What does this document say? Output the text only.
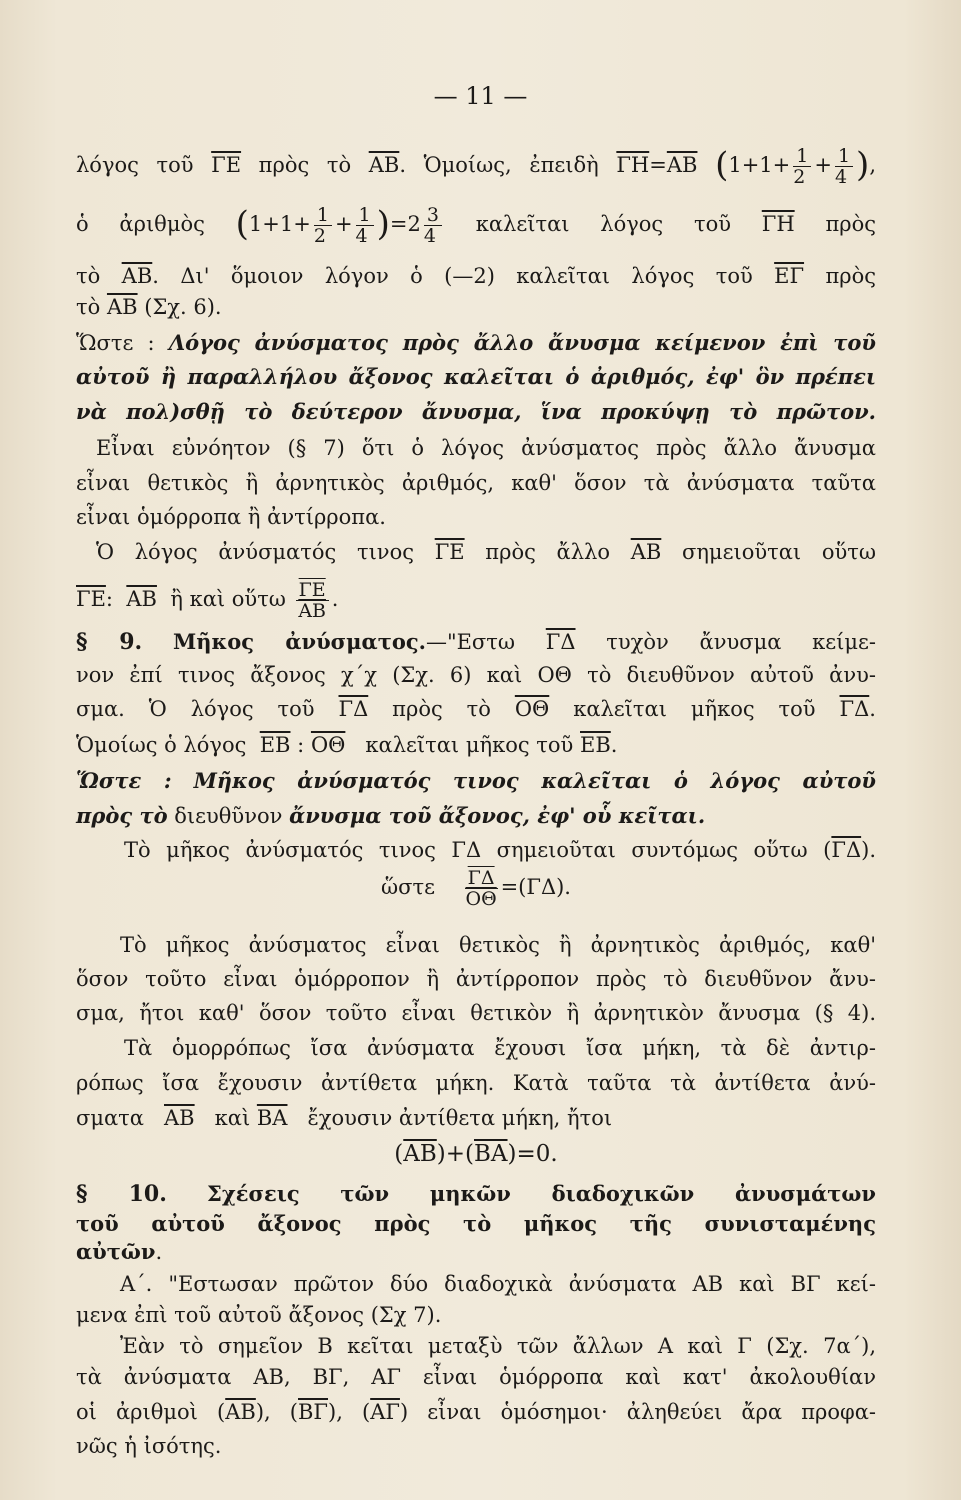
— 11 —
λόγος τοῦ $\overline{\Gamma E}$ πρὸς τὸ $\overline{AB}$. Ὁμοίως, ἐπειδὴ $\overline{\Gamma H}=\overline{AB}$ ($1+1+ \frac{1}{2} + \frac{1}{4}$ ),
ὁ ἀριθμὸς $(1+1+ \frac{1}{2} + \frac{1}{4} )=2 \frac{3}{4}$ καλεῖται λόγος τοῦ $\overline{\Gamma H}$ πρὸς
τὸ $\overline{AB}$. Δι' ὅμοιον λόγον ὁ (—2) καλεῖται λόγος τοῦ $\overline{E\Gamma}$ πρὸς
τὸ $\overline{AB}$ (Σχ. 6).
Ὥστε : Λόγος ἀνύσματος πρὸς ἄλλο ἄνυσμα κείμενον ἐπὶ τοῦ
αὐτοῦ ἢ παραλλήλου ἄξονος καλεῖται ὁ ἀριθμός, ἐφ' ὃν πρέπει
νὰ πολ)σθῇ τὸ δεύτερον ἄνυσμα, ἵνα προκύψῃ τὸ πρῶτον.
Εἶναι εὐνόητον (§ 7) ὅτι ὁ λόγος ἀνύσματος πρὸς ἄλλο ἄνυσμα
εἶναι θετικὸς ἢ ἀρνητικὸς ἀριθμός, καθ' ὅσον τὰ ἀνύσματα ταῦτα
εἶναι ὁμόρροπα ἢ ἀντίρροπα.
Ὁ λόγος ἀνύσματός τινος $\overline{\Gamma E}$ πρὸς ἄλλο $\overline{AB}$ σημειοῦται οὕτω
$\overline{\Gamma E}$: $\overline{AB}$ ἢ καὶ οὕτω $\frac{\overline{\Gamma E}}{AB}$ .
§ 9. Μῆκος ἀνύσματος.—"Εστω $\overline{\Gamma\Delta}$ τυχὸν ἄνυσμα κείμε-
νον ἐπί τινος ἄξονος χ΄χ (Σχ. 6) καὶ ΟΘ τὸ διευθῦνον αὐτοῦ ἀνυ-
σμα. Ὁ λόγος τοῦ $\overline{\Gamma\Delta}$ πρὸς τὸ $\overline{O\Theta}$ καλεῖται μῆκος τοῦ $\overline{\Gamma\Delta}$.
Ὁμοίως ὁ λόγος $\overline{EB}$ : $\overline{O\Theta}$ καλεῖται μῆκος τοῦ $\overline{EB}$.
Ὥστε : Μῆκος ἀνύσματός τινος καλεῖται ὁ λόγος αὐτοῦ
πρὸς τὸ διευθῦνον ἄνυσμα τοῦ ἄξονος, ἐφ' οὗ κεῖται.
Τὸ μῆκος ἀνύσματός τινος ΓΔ σημειοῦται συντόμως οὕτω $(\overline{\Gamma\Delta})$.
ὥστε $\frac{\overline{\Gamma\Delta}}{O\Theta} =(\Gamma\Delta)$.
Τὸ μῆκος ἀνύσματος εἶναι θετικὸς ἢ ἀρνητικὸς ἀριθμός, καθ'
ὅσον τοῦτο εἶναι ὁμόρροπον ἢ ἀντίρροπον πρὸς τὸ διευθῦνον ἄνυ-
σμα, ἤτοι καθ' ὅσον τοῦτο εἶναι θετικὸν ἢ ἀρνητικὸν ἄνυσμα (§ 4).
Τὰ ὁμορρόπως ἴσα ἀνύσματα ἔχουσι ἴσα μήκη, τὰ δὲ ἀντιρ-
ρόπως ἴσα ἔχουσιν ἀντίθετα μήκη. Κατὰ ταῦτα τὰ ἀντίθετα ἀνύ-
σματα $\overline{AB}$ καὶ $\overline{BA}$ ἔχουσιν ἀντίθετα μήκη, ἤτοι
$(\overline{AB})+(\overline{BA})=0$.
§ 10. Σχέσεις τῶν μηκῶν διαδοχικῶν ἀνυσμάτων
τοῦ αὐτοῦ ἄξονος πρὸς τὸ μῆκος τῆς συνισταμένης
αὐτῶν.
Α΄. "Εστωσαν πρῶτον δύο διαδοχικὰ ἀνύσματα ΑΒ καὶ ΒΓ κεί-
μενα ἐπὶ τοῦ αὐτοῦ ἄξονος (Σχ 7).
Ἐὰν τὸ σημεῖον Β κεῖται μεταξὺ τῶν ἄλλων Α καὶ Γ (Σχ. 7α΄),
τὰ ἀνύσματα ΑΒ, ΒΓ, ΑΓ εἶναι ὁμόρροπα καὶ κατ' ἀκολουθίαν
οἱ ἀριθμοὶ $(\overline{AB})$, $(\overline{B\Gamma})$, $(\overline{A\Gamma})$ εἶναι ὁμόσημοι· ἀληθεύει ἄρα προφα-
νῶς ἡ ἰσότης.
